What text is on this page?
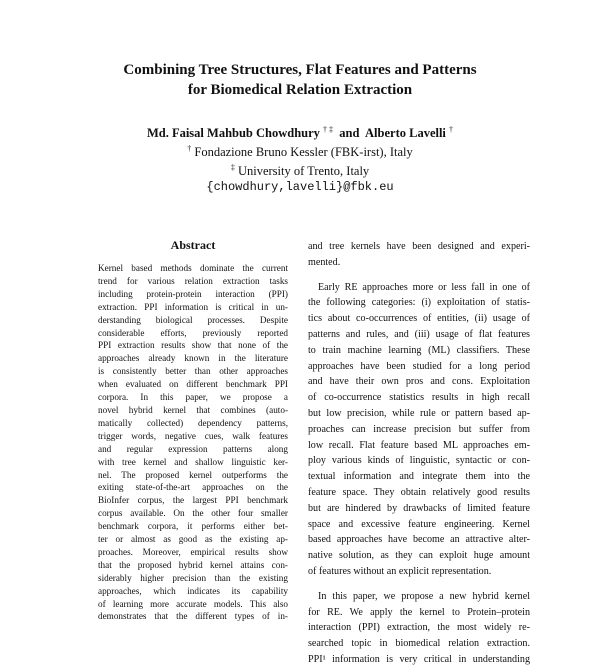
Combining Tree Structures, Flat Features and Patterns
for Biomedical Relation Extraction
Md. Faisal Mahbub Chowdhury † ‡ and Alberto Lavelli †
† Fondazione Bruno Kessler (FBK-irst), Italy
‡ University of Trento, Italy
{chowdhury,lavelli}@fbk.eu
Abstract
Kernel based methods dominate the current
trend for various relation extraction tasks
including protein-protein interaction (PPI)
extraction. PPI information is critical in un-
derstanding biological processes. Despite
considerable efforts, previously reported
PPI extraction results show that none of the
approaches already known in the literature
is consistently better than other approaches
when evaluated on different benchmark PPI
corpora. In this paper, we propose a
novel hybrid kernel that combines (auto-
matically collected) dependency patterns,
trigger words, negative cues, walk features
and regular expression patterns along
with tree kernel and shallow linguistic ker-
nel. The proposed kernel outperforms the
exiting state-of-the-art approaches on the
BioInfer corpus, the largest PPI benchmark
corpus available. On the other four smaller
benchmark corpora, it performs either bet-
ter or almost as good as the existing ap-
proaches. Moreover, empirical results show
that the proposed hybrid kernel attains con-
siderably higher precision than the existing
approaches, which indicates its capability
of learning more accurate models. This also
demonstrates that the different types of in-
and tree kernels have been designed and experi-
mented.
Early RE approaches more or less fall in one of
the following categories: (i) exploitation of statis-
tics about co-occurrences of entities, (ii) usage of
patterns and rules, and (iii) usage of flat features
to train machine learning (ML) classifiers. These
approaches have been studied for a long period
and have their own pros and cons. Exploitation
of co-occurrence statistics results in high recall
but low precision, while rule or pattern based ap-
proaches can increase precision but suffer from
low recall. Flat feature based ML approaches em-
ploy various kinds of linguistic, syntactic or con-
textual information and integrate them into the
feature space. They obtain relatively good results
but are hindered by drawbacks of limited feature
space and excessive feature engineering. Kernel
based approaches have become an attractive alter-
native solution, as they can exploit huge amount
of features without an explicit representation.
In this paper, we propose a new hybrid kernel
for RE. We apply the kernel to Protein–protein
interaction (PPI) extraction, the most widely re-
searched topic in biomedical relation extraction.
PPI¹ information is very critical in understanding
